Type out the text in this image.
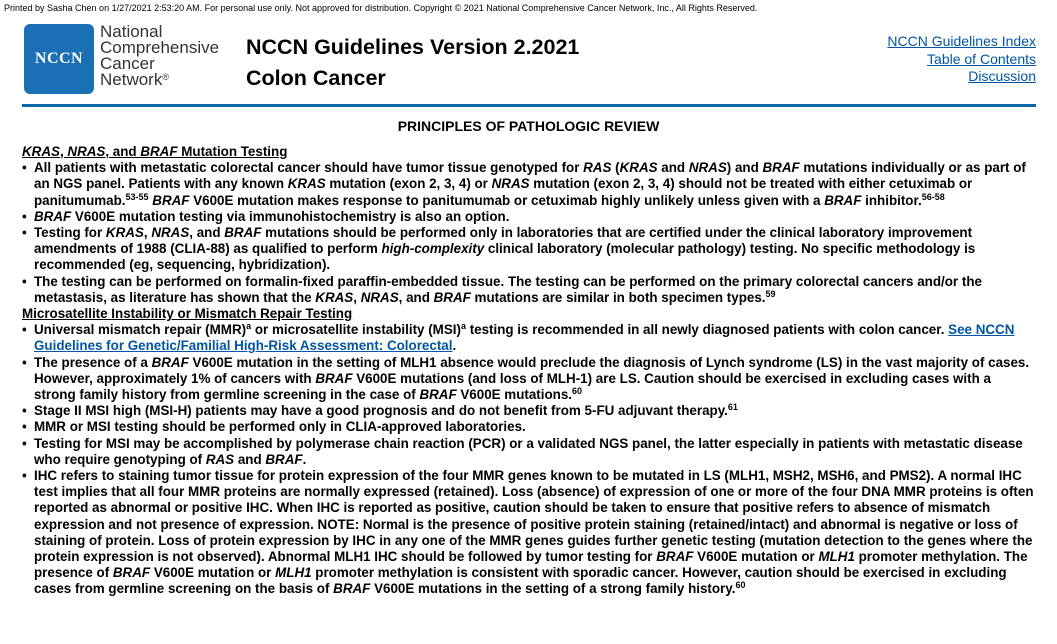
Printed by Sasha Chen on 1/27/2021 2:53:20 AM. For personal use only. Not approved for distribution. Copyright © 2021 National Comprehensive Cancer Network, Inc., All Rights Reserved.
NCCN
National
Comprehensive
Cancer
Network®
NCCN Guidelines Version 2.2021
Colon Cancer
NCCN Guidelines Index
Table of Contents
Discussion
PRINCIPLES OF PATHOLOGIC REVIEW
KRAS, NRAS, and BRAF Mutation Testing
• All patients with metastatic colorectal cancer should have tumor tissue genotyped for RAS (KRAS and NRAS) and BRAF mutations individually or as part of an NGS panel. Patients with any known KRAS mutation (exon 2, 3, 4) or NRAS mutation (exon 2, 3, 4) should not be treated with either cetuximab or panitumumab.$^{53-55}$ BRAF V600E mutation makes response to panitumumab or cetuximab highly unlikely unless given with a BRAF inhibitor.$^{56-58}$
• BRAF V600E mutation testing via immunohistochemistry is also an option.
• Testing for KRAS, NRAS, and BRAF mutations should be performed only in laboratories that are certified under the clinical laboratory improvement amendments of 1988 (CLIA-88) as qualified to perform high-complexity clinical laboratory (molecular pathology) testing. No specific methodology is recommended (eg, sequencing, hybridization).
• The testing can be performed on formalin-fixed paraffin-embedded tissue. The testing can be performed on the primary colorectal cancers and/or the metastasis, as literature has shown that the KRAS, NRAS, and BRAF mutations are similar in both specimen types.$^{59}$
Microsatellite Instability or Mismatch Repair Testing
• Universal mismatch repair (MMR)$^a$ or microsatellite instability (MSI)$^a$ testing is recommended in all newly diagnosed patients with colon cancer. See NCCN Guidelines for Genetic/Familial High-Risk Assessment: Colorectal.
• The presence of a BRAF V600E mutation in the setting of MLH1 absence would preclude the diagnosis of Lynch syndrome (LS) in the vast majority of cases. However, approximately 1% of cancers with BRAF V600E mutations (and loss of MLH-1) are LS. Caution should be exercised in excluding cases with a strong family history from germline screening in the case of BRAF V600E mutations.$^{60}$
• Stage II MSI high (MSI-H) patients may have a good prognosis and do not benefit from 5-FU adjuvant therapy.$^{61}$
• MMR or MSI testing should be performed only in CLIA-approved laboratories.
• Testing for MSI may be accomplished by polymerase chain reaction (PCR) or a validated NGS panel, the latter especially in patients with metastatic disease who require genotyping of RAS and BRAF.
• IHC refers to staining tumor tissue for protein expression of the four MMR genes known to be mutated in LS (MLH1, MSH2, MSH6, and PMS2). A normal IHC test implies that all four MMR proteins are normally expressed (retained). Loss (absence) of expression of one or more of the four DNA MMR proteins is often reported as abnormal or positive IHC. When IHC is reported as positive, caution should be taken to ensure that positive refers to absence of mismatch expression and not presence of expression. NOTE: Normal is the presence of positive protein staining (retained/intact) and abnormal is negative or loss of staining of protein. Loss of protein expression by IHC in any one of the MMR genes guides further genetic testing (mutation detection to the genes where the protein expression is not observed). Abnormal MLH1 IHC should be followed by tumor testing for BRAF V600E mutation or MLH1 promoter methylation. The presence of BRAF V600E mutation or MLH1 promoter methylation is consistent with sporadic cancer. However, caution should be exercised in excluding cases from germline screening on the basis of BRAF V600E mutations in the setting of a strong family history.$^{60}$
